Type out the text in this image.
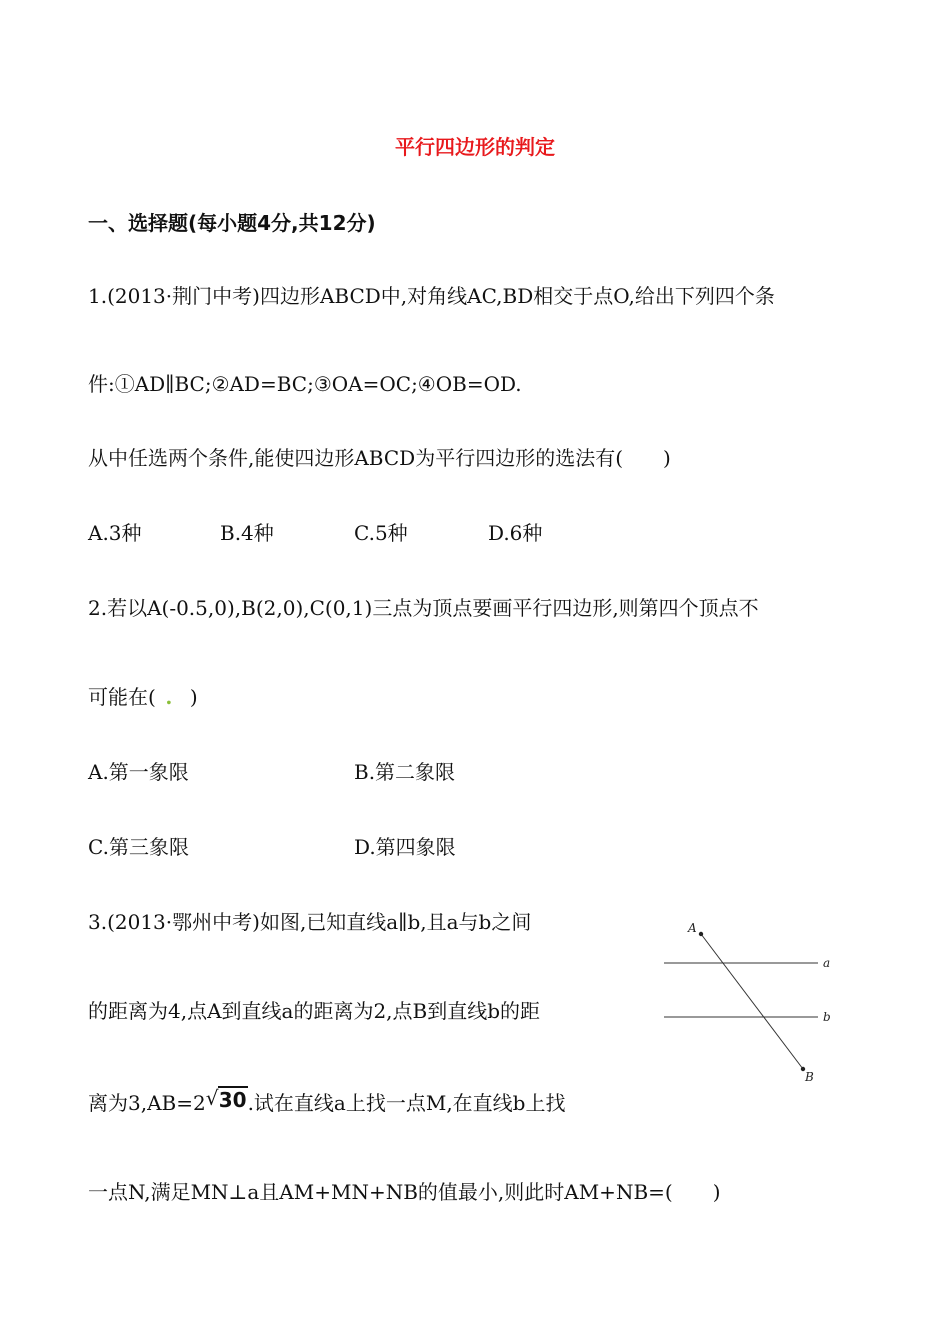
平行四边形的判定
一、选择题(每小题4分,共12分)
1.(2013·荆门中考)四边形ABCD中,对角线AC,BD相交于点O,给出下列四个条
件:①AD∥BC;②AD=BC;③OA=OC;④OB=OD.
从中任选两个条件,能使四边形ABCD为平行四边形的选法有(　　)
A.3种	B.4种	C.5种	D.6种
2.若以A(-0.5,0),B(2,0),C(0,1)三点为顶点要画平行四边形,则第四个顶点不
可能在( . )
A.第一象限	B.第二象限
C.第三象限	D.第四象限
3.(2013·鄂州中考)如图,已知直线a∥b,且a与b之间
的距离为4,点A到直线a的距离为2,点B到直线b的距
离为3,AB=2 √ 30.试在直线a上找一点M,在直线b上找
一点N,满足MN⊥a且AM+MN+NB的值最小,则此时AM+NB=(　　)
A
B
a
b
